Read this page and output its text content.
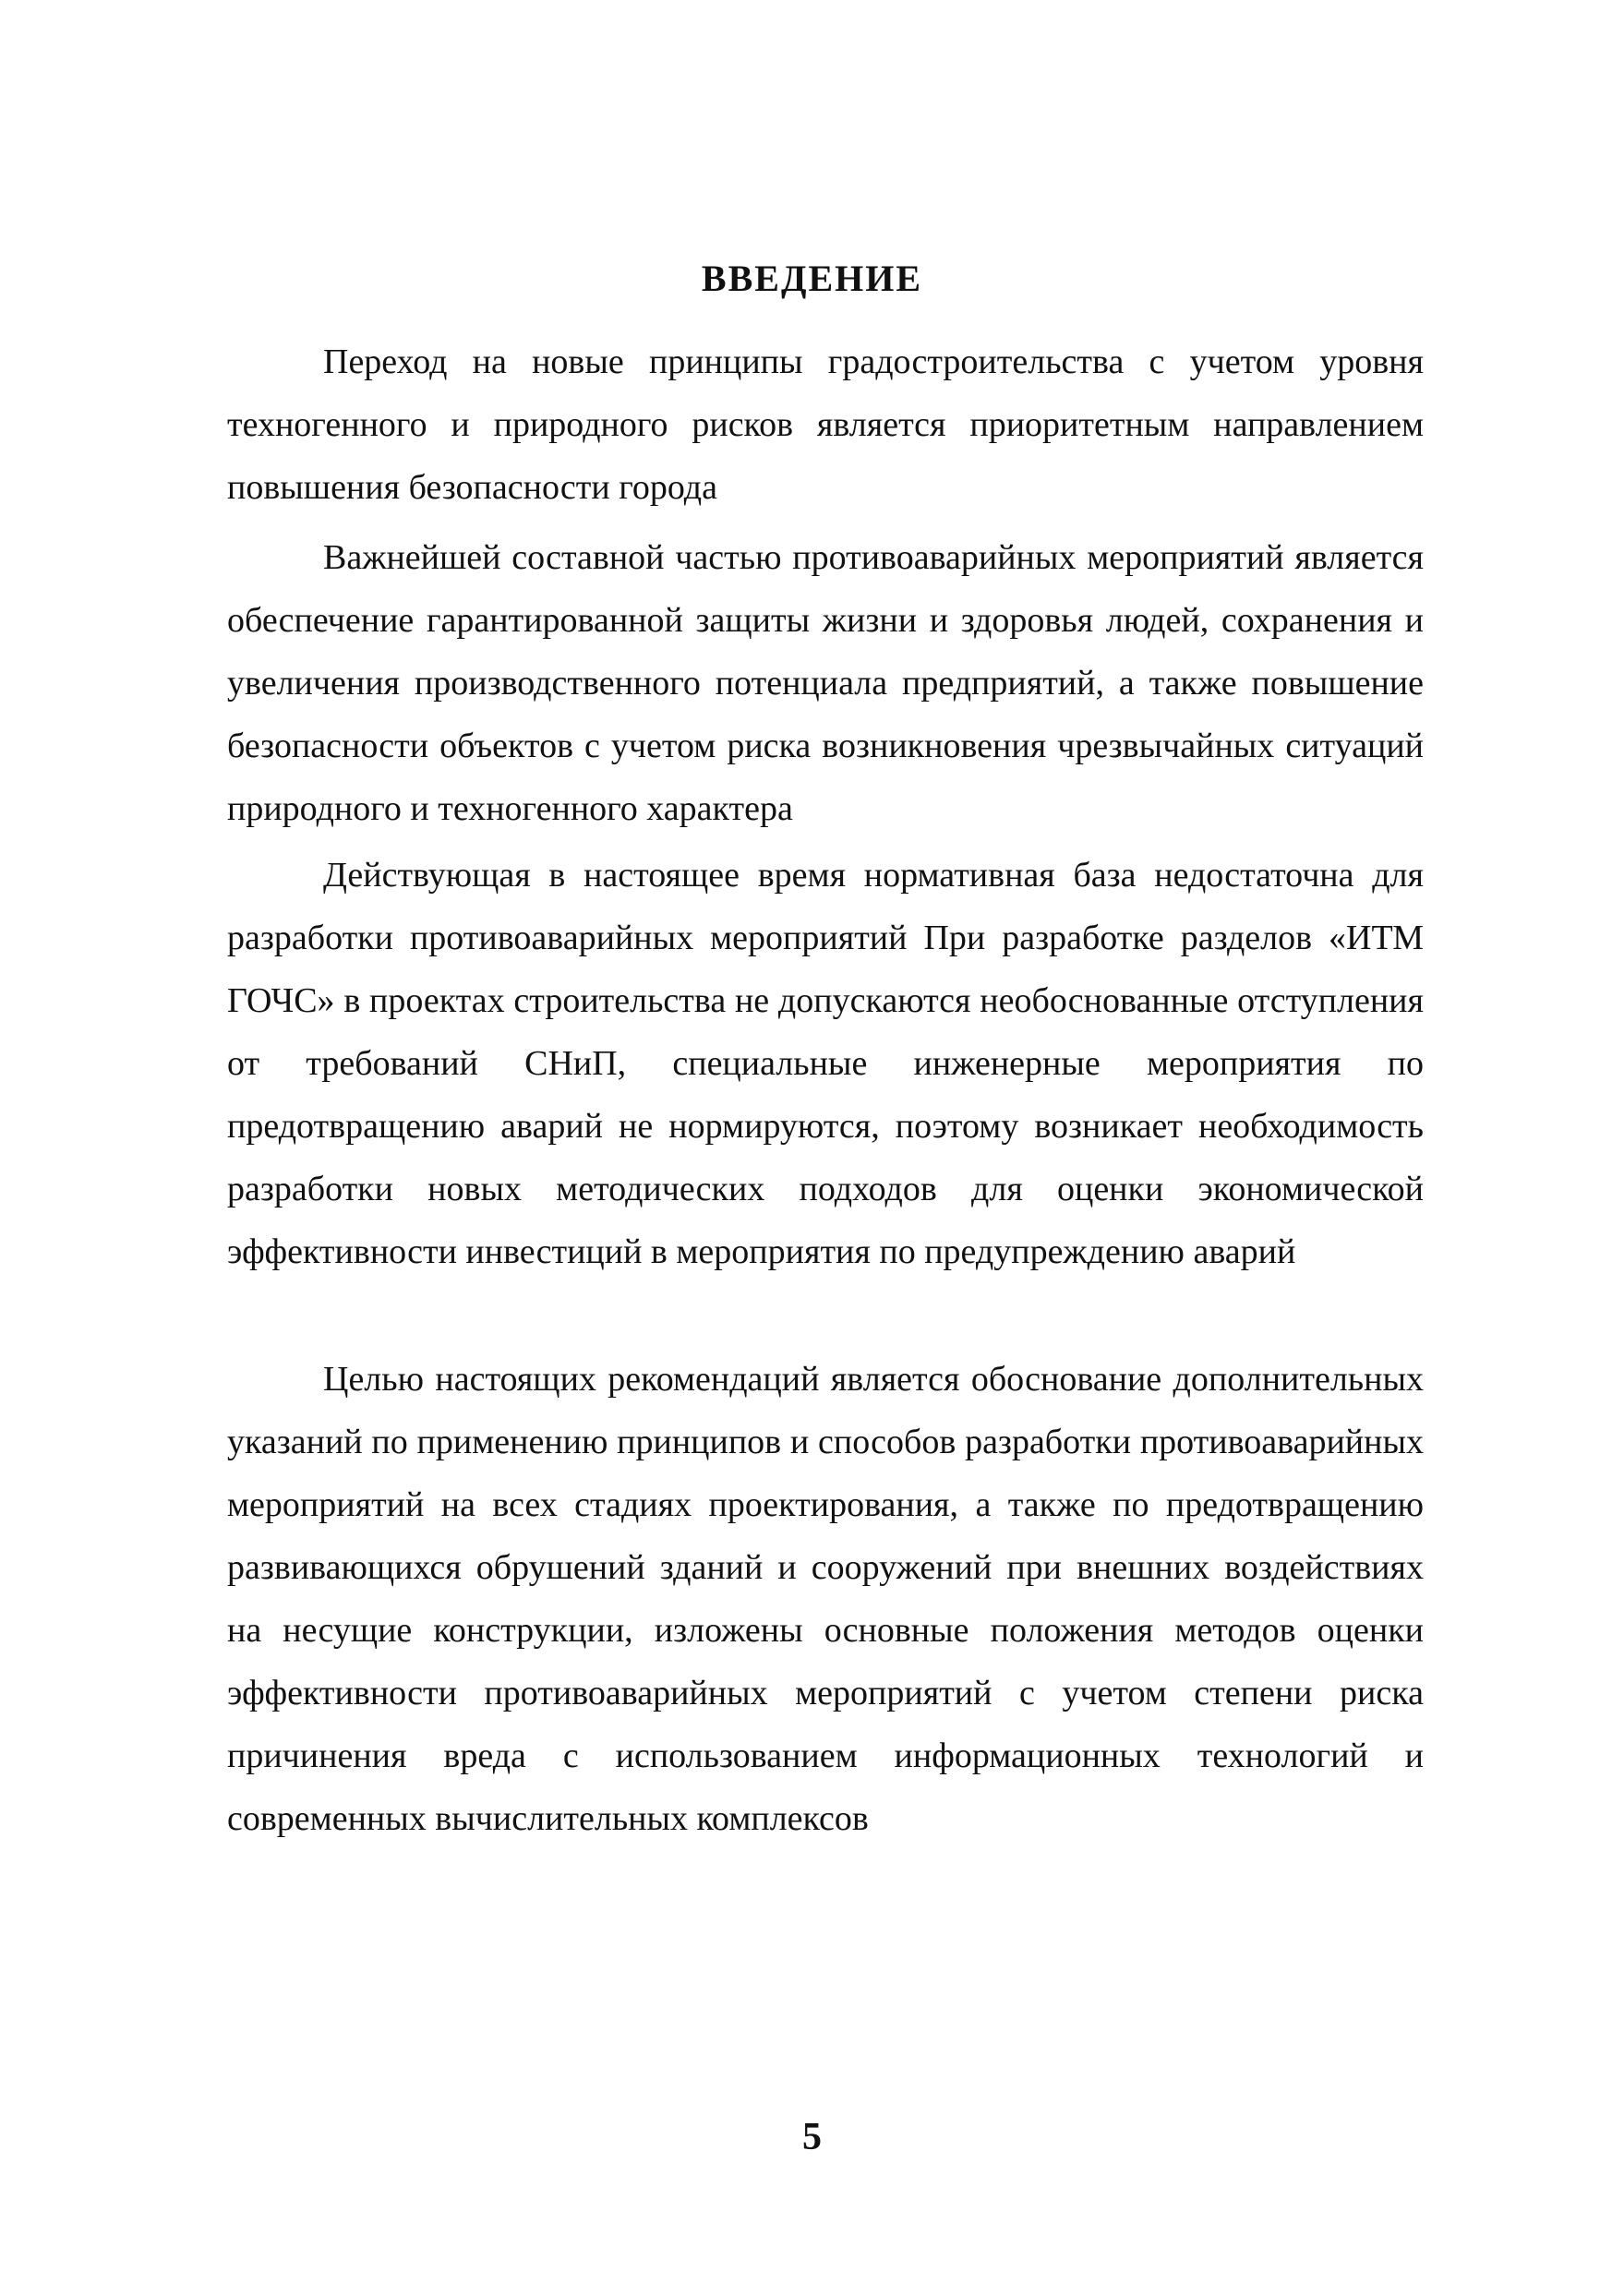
ВВЕДЕНИЕ

Переход на новые принципы градостроительства с учетом уровня техногенного и природного рисков является приоритетным направлением повышения безопасности города

Важнейшей составной частью противоаварийных мероприятий является обеспечение гарантированной защиты жизни и здоровья людей, сохранения и увеличения производственного потенциала предприятий, а также повышение безопасности объектов с учетом риска возникновения чрезвычайных ситуаций природного и техногенного характера

Действующая в настоящее время нормативная база недостаточна для разработки противоаварийных мероприятий При разработке разделов «ИТМ ГОЧС» в проектах строительства не допускаются необоснованные отступления от требований СНиП, специальные инженерные мероприятия по предотвращению аварий не нормируются, поэтому возникает необходимость разработки новых методических подходов для оценки экономической эффективности инвестиций в мероприятия по предупреждению аварий

Целью настоящих рекомендаций является обоснование дополнительных указаний по применению принципов и способов разработки противоаварийных мероприятий на всех стадиях проектирования, а также по предотвращению развивающихся обрушений зданий и сооружений при внешних воздействиях на несущие конструкции, изложены основные положения методов оценки эффективности противоаварийных мероприятий с учетом степени риска причинения вреда с использованием информационных технологий и современных вычислительных комплексов

5
